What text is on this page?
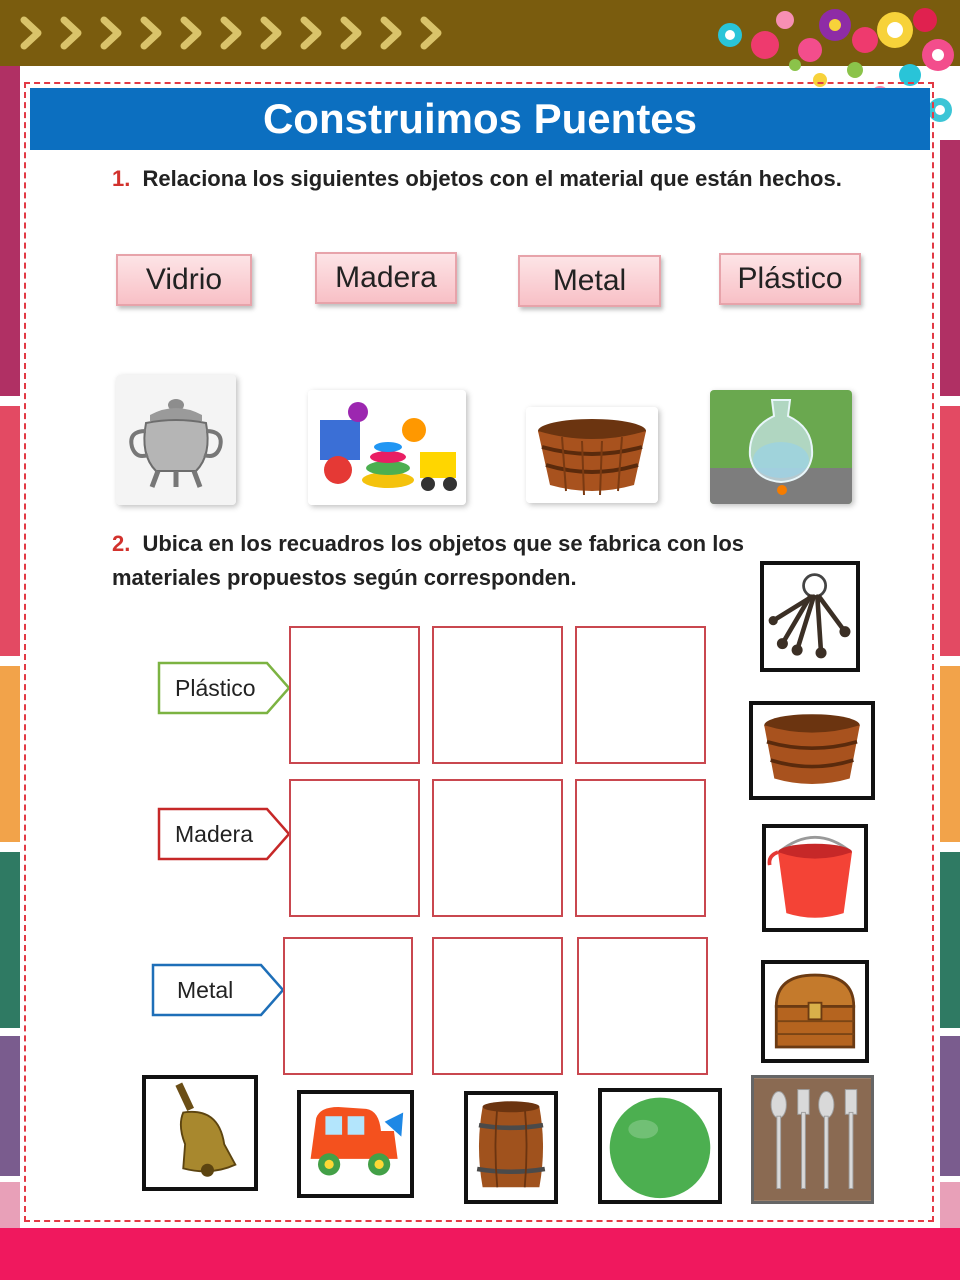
Construimos Puentes
1. Relaciona los siguientes objetos con el material que están hechos.
Vidrio	Madera	Metal	Plástico
2. Ubica en los recuadros los objetos que se fabrica con los materiales propuestos según corresponden.
Plástico
Madera
Metal
